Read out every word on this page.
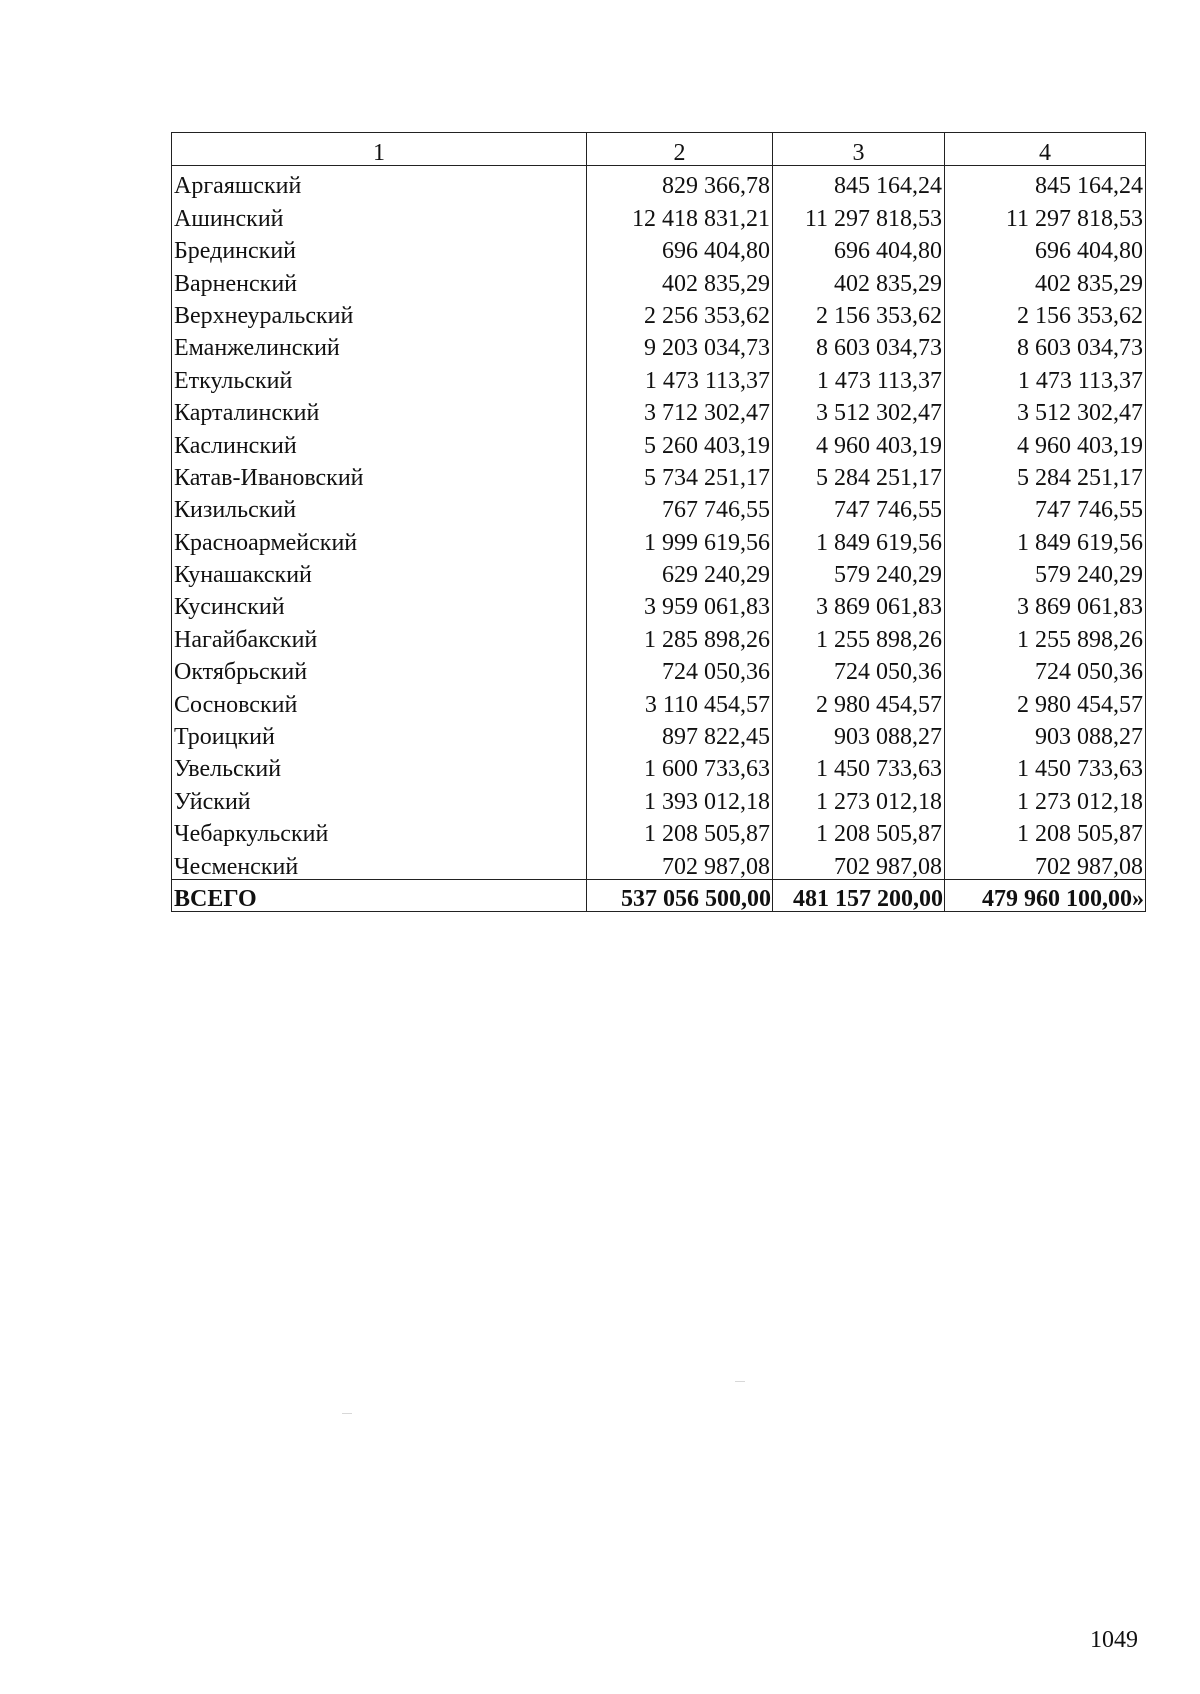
1	2	3	4
Аргаяшский	829 366,78	845 164,24	845 164,24
Ашинский	12 418 831,21	11 297 818,53	11 297 818,53
Брединский	696 404,80	696 404,80	696 404,80
Варненский	402 835,29	402 835,29	402 835,29
Верхнеуральский	2 256 353,62	2 156 353,62	2 156 353,62
Еманжелинский	9 203 034,73	8 603 034,73	8 603 034,73
Еткульский	1 473 113,37	1 473 113,37	1 473 113,37
Карталинский	3 712 302,47	3 512 302,47	3 512 302,47
Каслинский	5 260 403,19	4 960 403,19	4 960 403,19
Катав-Ивановский	5 734 251,17	5 284 251,17	5 284 251,17
Кизильский	767 746,55	747 746,55	747 746,55
Красноармейский	1 999 619,56	1 849 619,56	1 849 619,56
Кунашакский	629 240,29	579 240,29	579 240,29
Кусинский	3 959 061,83	3 869 061,83	3 869 061,83
Нагайбакский	1 285 898,26	1 255 898,26	1 255 898,26
Октябрьский	724 050,36	724 050,36	724 050,36
Сосновский	3 110 454,57	2 980 454,57	2 980 454,57
Троицкий	897 822,45	903 088,27	903 088,27
Увельский	1 600 733,63	1 450 733,63	1 450 733,63
Уйский	1 393 012,18	1 273 012,18	1 273 012,18
Чебаркульский	1 208 505,87	1 208 505,87	1 208 505,87
Чесменский	702 987,08	702 987,08	702 987,08
ВСЕГО	537 056 500,00	481 157 200,00	479 960 100,00»
1049
